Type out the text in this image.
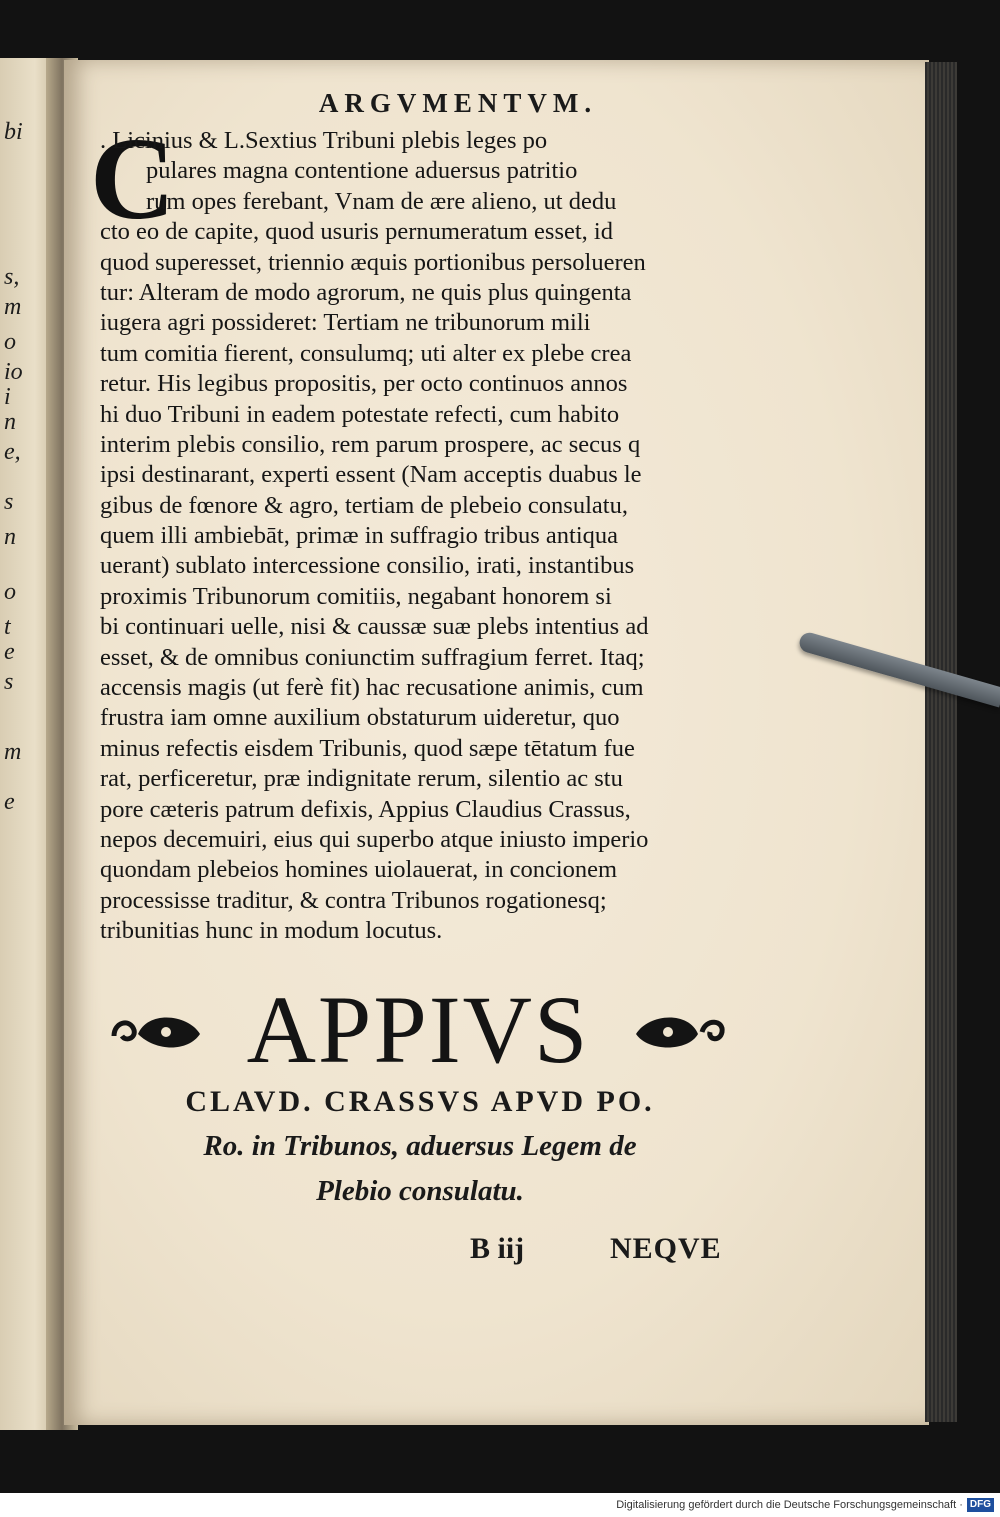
bi
s,
m
o
io
i
n
e,
s
n
o
t
e
s
m
e
ARGVMENTVM.
C
. Licinius & L.Sextius Tribuni plebis leges po
pulares magna contentione aduersus patritio
rum opes ferebant, Vnam de ære alieno, ut dedu
cto eo de capite, quod usuris pernumeratum esset, id
quod superesset, triennio æquis portionibus persolueren
tur: Alteram de modo agrorum, ne quis plus quingenta
iugera agri possideret: Tertiam ne tribunorum mili
tum comitia fierent, consulumq; uti alter ex plebe crea
retur. His legibus propositis, per octo continuos annos
hi duo Tribuni in eadem potestate refecti, cum habito
interim plebis consilio, rem parum prospere, ac secus q
ipsi destinarant, experti essent (Nam acceptis duabus le
gibus de fœnore & agro, tertiam de plebeio consulatu,
quem illi ambiebāt, primæ in suffragio tribus antiqua
uerant) sublato intercessione consilio, irati, instantibus
proximis Tribunorum comitiis, negabant honorem si
bi continuari uelle, nisi & caussæ suæ plebs intentius ad
esset, & de omnibus coniunctim suffragium ferret. Itaq;
accensis magis (ut ferè fit) hac recusatione animis, cum
frustra iam omne auxilium obstaturum uideretur, quo
minus refectis eisdem Tribunis, quod sæpe tētatum fue
rat, perficeretur, præ indignitate rerum, silentio ac stu
pore cæteris patrum defixis, Appius Claudius Crassus,
nepos decemuiri, eius qui superbo atque iniusto imperio
quondam plebeios homines uiolauerat, in concionem
processisse traditur, & contra Tribunos rogationesq;
tribunitias hunc in modum locutus.
APPIVS
CLAVD. CRASSVS APVD PO.
Ro. in Tribunos, aduersus Legem de
Plebio consulatu.
B iij	NEQVE
Digitalisierung gefördert durch die Deutsche Forschungsgemeinschaft · DFG
